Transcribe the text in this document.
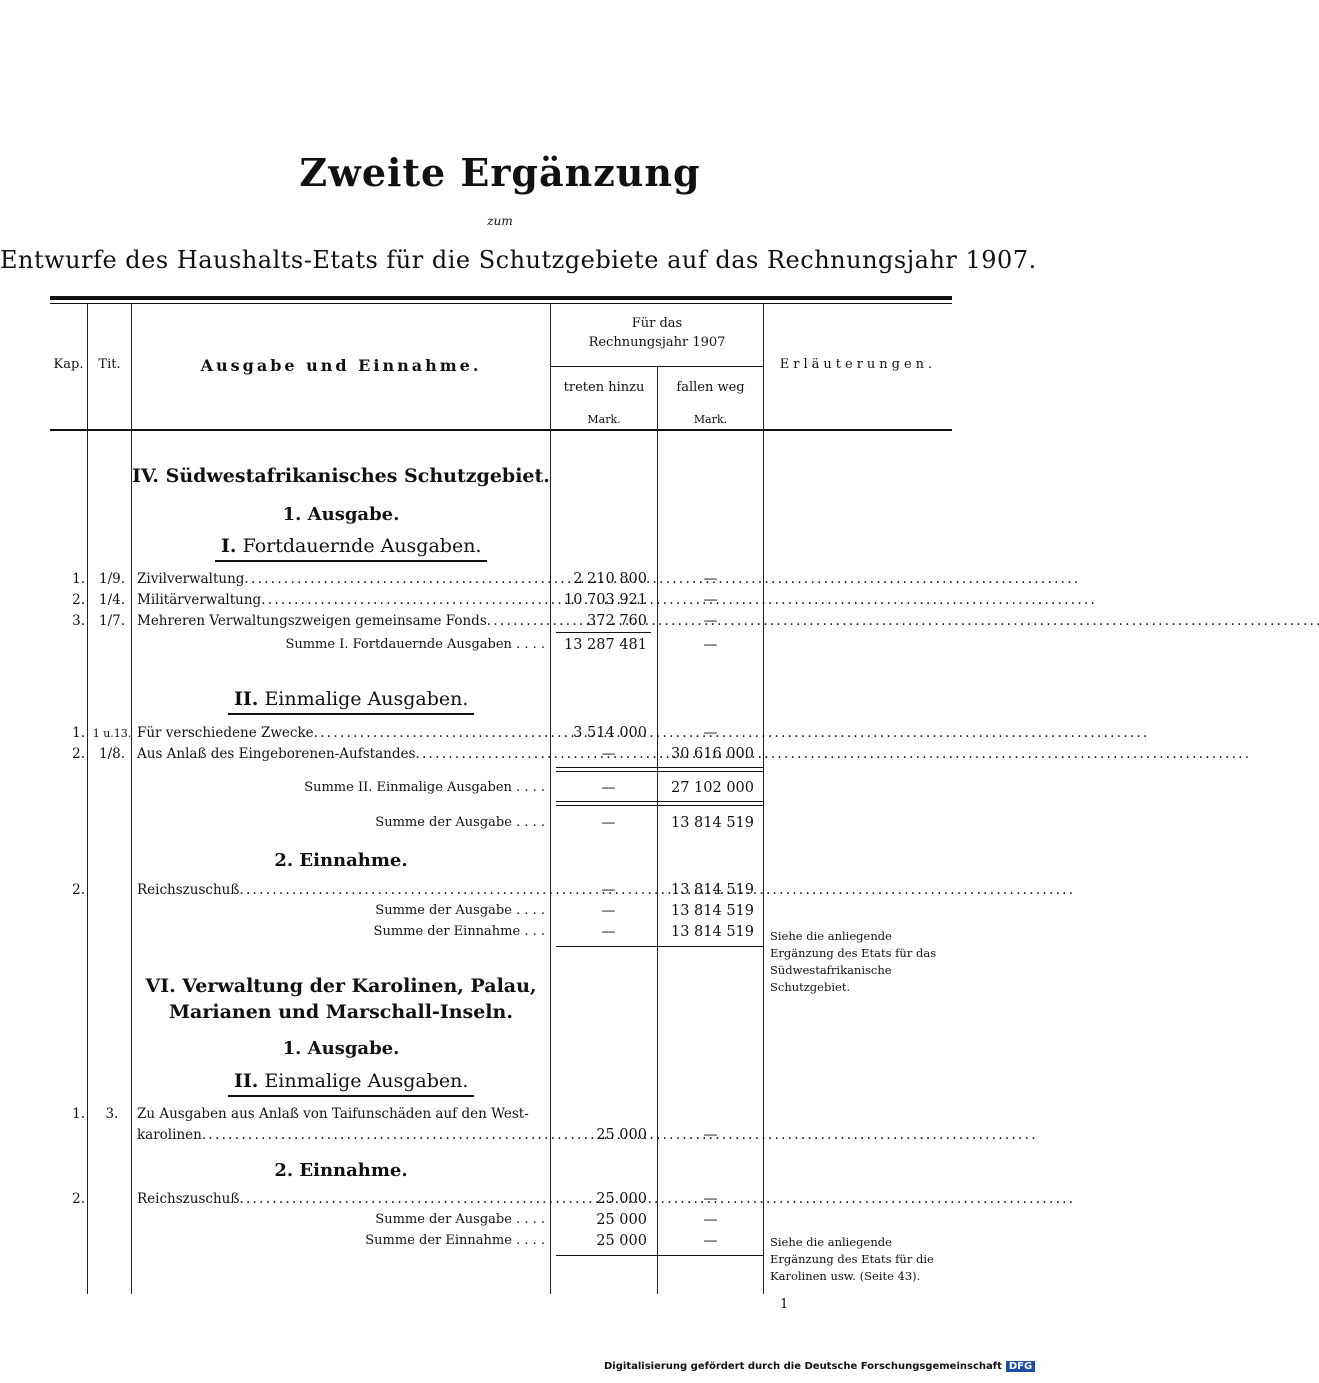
Zweite Ergänzung
zum
Entwurfe des Haushalts-Etats für die Schutzgebiete auf das Rechnungsjahr 1907.
Kap.	Tit.	Ausgabe und Einnahme.
Für das
Rechnungsjahr 1907
treten hinzu	fallen weg
Mark.	Mark.
Erläuterungen.
IV. Südwestafrikanisches Schutzgebiet.
1. Ausgabe.
I. Fortdauernde Ausgaben.
1.	1/9. Zivilverwaltung . . .	2 210 800	—
2.	1/4. Militärverwaltung . . .	10 703 921	—
3.	1/7. Mehreren Verwaltungszweigen gemeinsame Fonds . . .	372 760	—
Summe I. Fortdauernde Ausgaben . . . .	13 287 481	—
II. Einmalige Ausgaben.
1. 1 u.13. Für verschiedene Zwecke . . .	3 514 000	—
2.	1/8. Aus Anlaß des Eingeborenen-Aufstandes . . .	—	30 616 000
Summe II. Einmalige Ausgaben . . . .	—	27 102 000
Summe der Ausgabe . . . .	—	13 814 519
2. Einnahme.
2.	Reichszuschuß . . .	—	13 814 519
Summe der Ausgabe . . . .	—	13 814 519
Summe der Einnahme . . .	—	13 814 519 Siehe die anliegende Ergänzung des Etats für das Südwestafrikanische Schutzgebiet.
VI. Verwaltung der Karolinen, Palau,
Marianen und Marschall-Inseln.
1. Ausgabe.
II. Einmalige Ausgaben.
1.	3.	Zu Ausgaben aus Anlaß von Taifunschäden auf den West-
karolinen . . .	25 000	—
2. Einnahme.
2.	Reichszuschuß . . .	25 000	—
Summe der Ausgabe . . . .	25 000	—
Summe der Einnahme . . . .	25 000	—	Siehe die anliegende Ergänzung des Etats für die Karolinen usw. (Seite 43).
1
Digitalisierung gefördert durch die Deutsche Forschungsgemeinschaft DFG
